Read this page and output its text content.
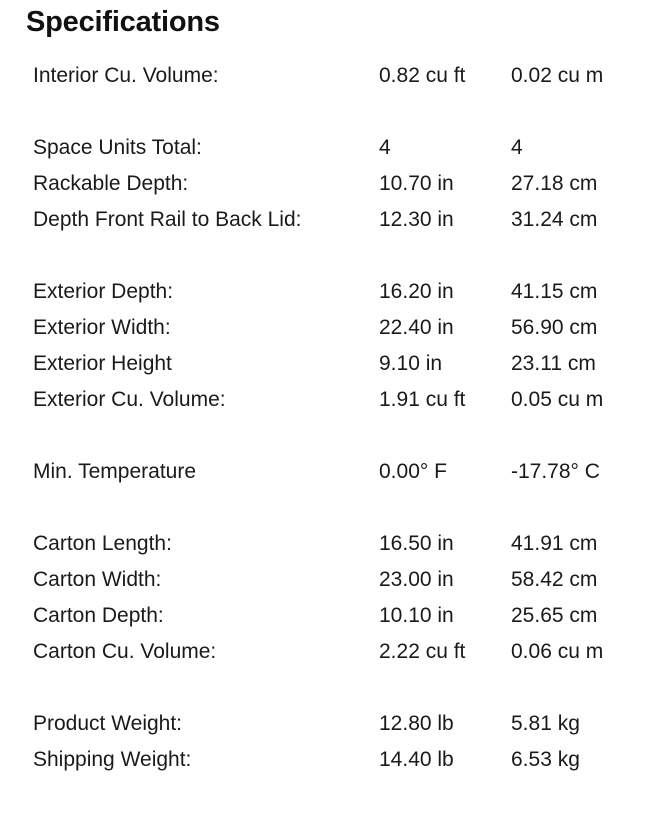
Specifications
Interior Cu. Volume:	0.82 cu ft	0.02 cu m
Space Units Total:	4	4
Rackable Depth:	10.70 in	27.18 cm
Depth Front Rail to Back Lid:	12.30 in	31.24 cm
Exterior Depth:	16.20 in	41.15 cm
Exterior Width:	22.40 in	56.90 cm
Exterior Height	9.10 in	23.11 cm
Exterior Cu. Volume:	1.91 cu ft	0.05 cu m
Min. Temperature	0.00° F	-17.78° C
Carton Length:	16.50 in	41.91 cm
Carton Width:	23.00 in	58.42 cm
Carton Depth:	10.10 in	25.65 cm
Carton Cu. Volume:	2.22 cu ft	0.06 cu m
Product Weight:	12.80 lb	5.81 kg
Shipping Weight:	14.40 lb	6.53 kg
